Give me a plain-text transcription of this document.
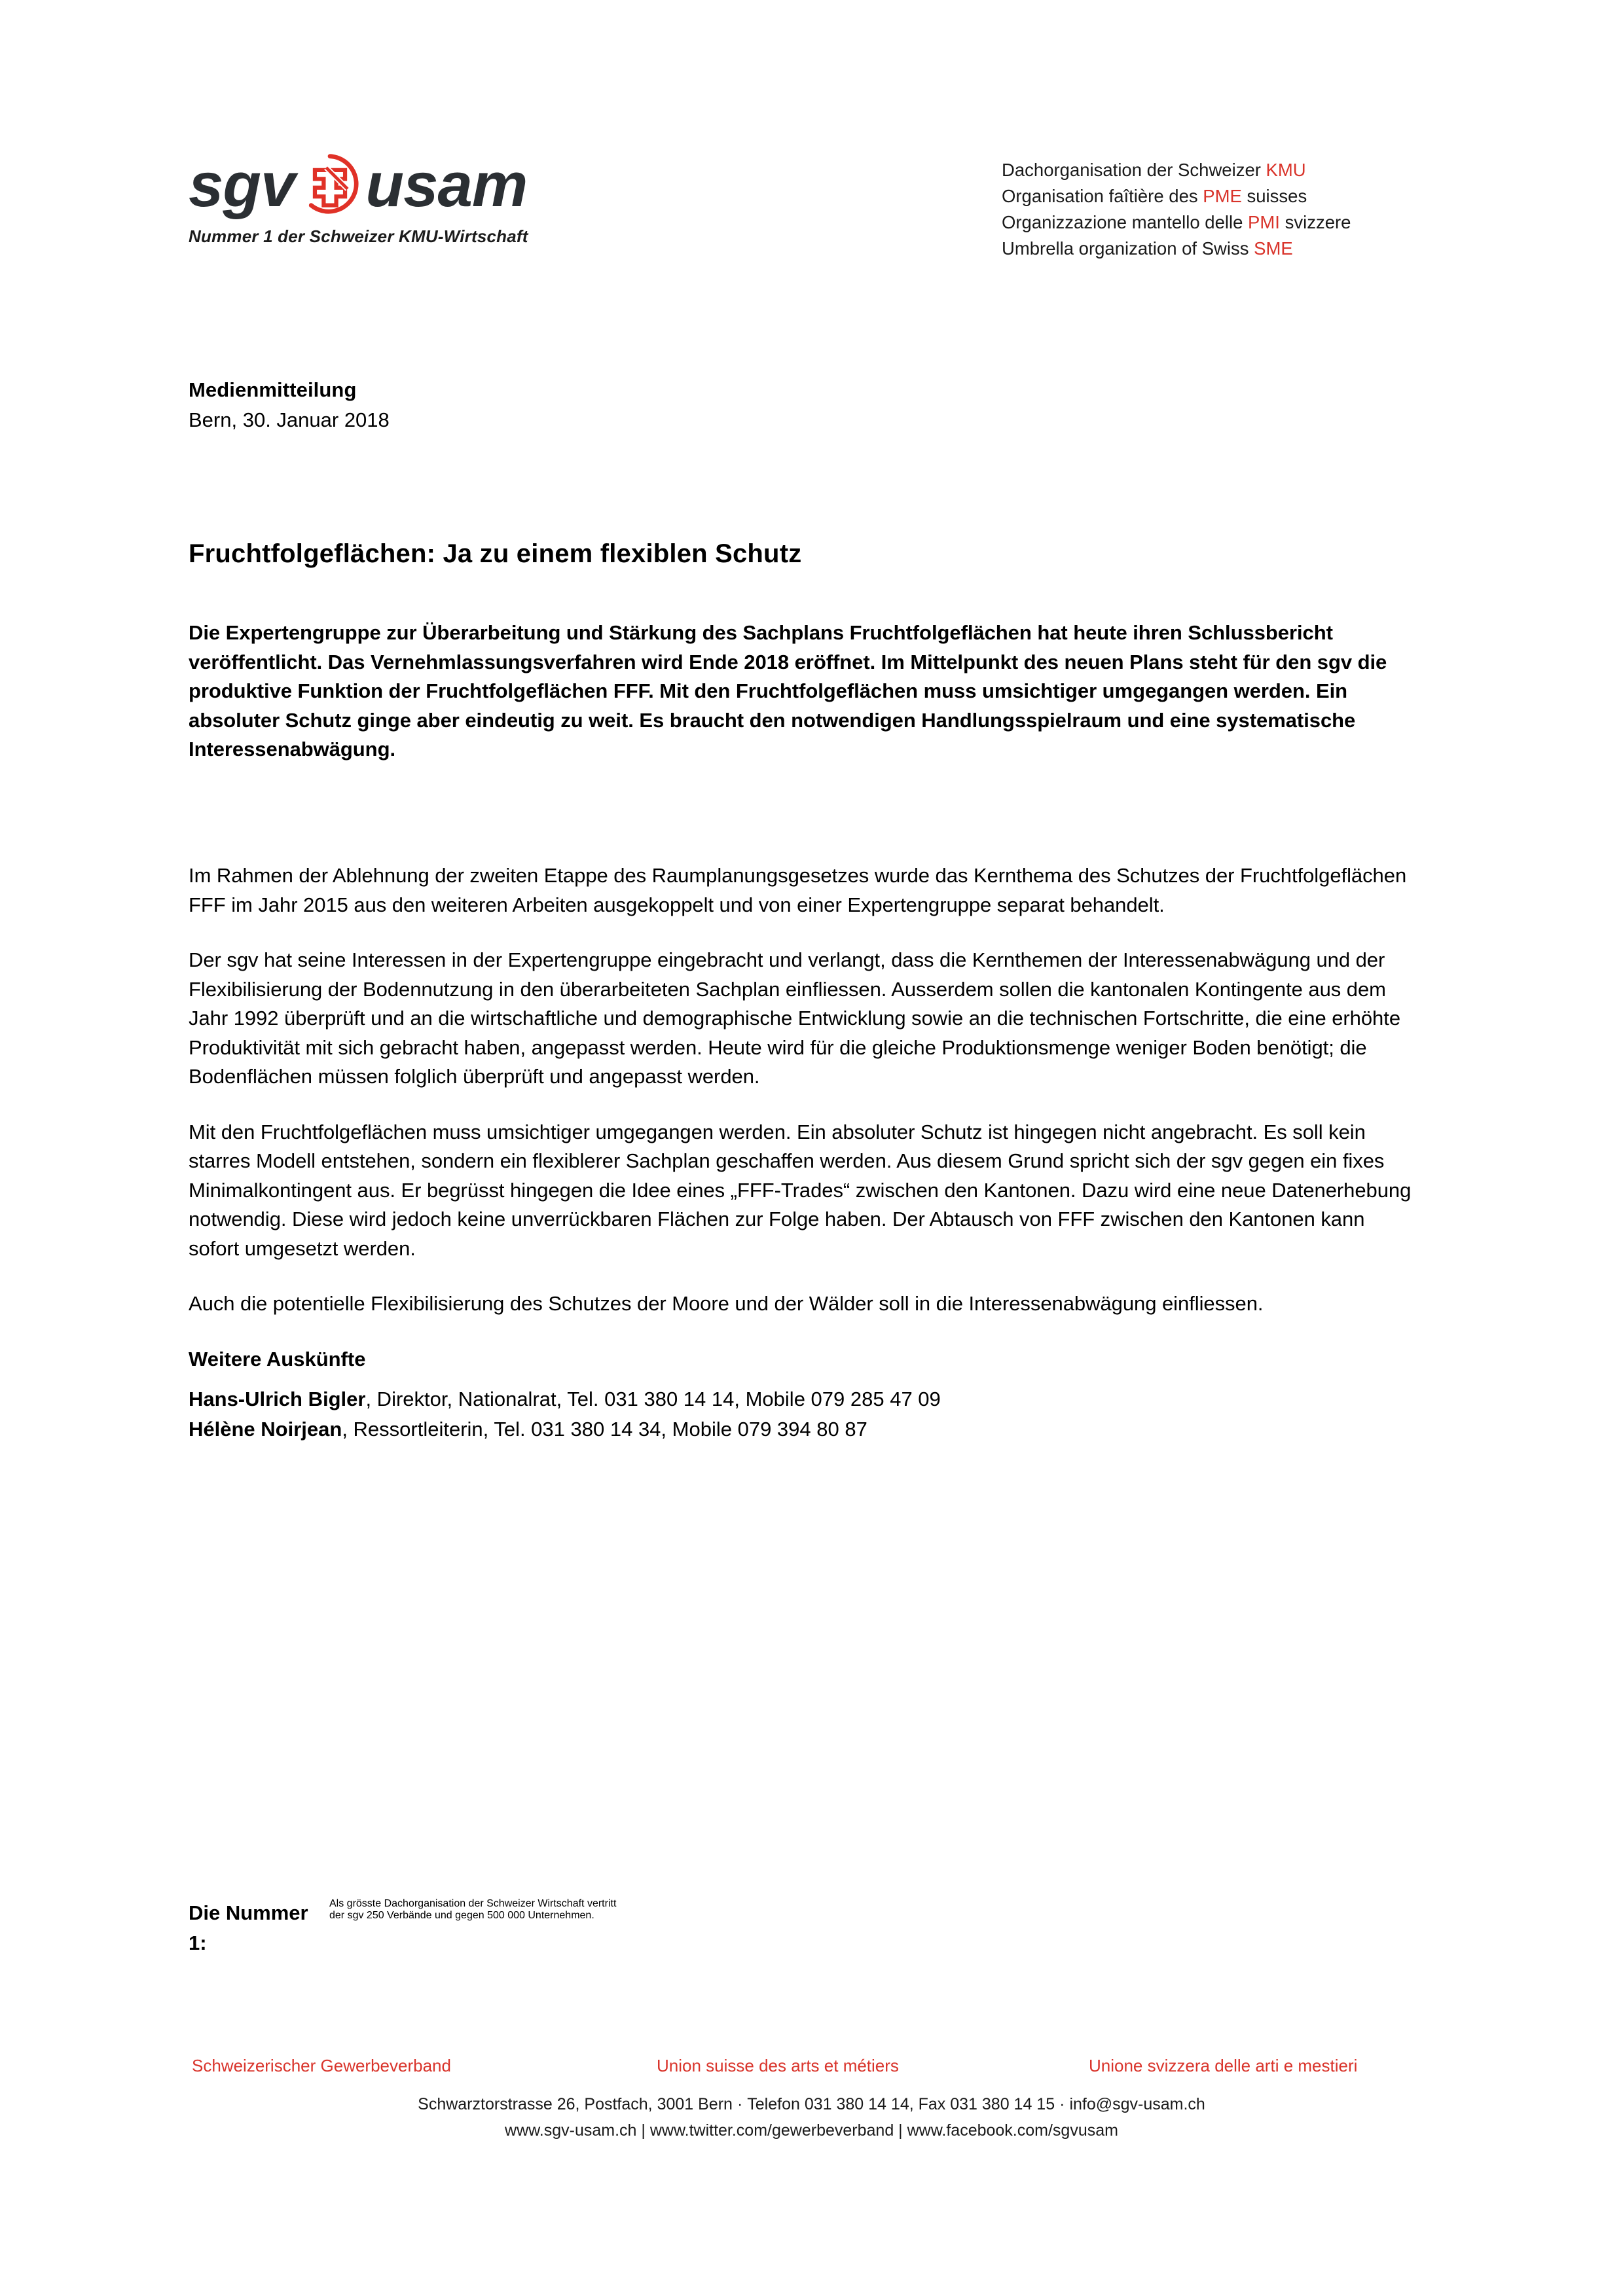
sgv usam
Nummer 1 der Schweizer KMU-Wirtschaft
Dachorganisation der Schweizer KMU
Organisation faîtière des PME suisses
Organizzazione mantello delle PMI svizzere
Umbrella organization of Swiss SME
Medienmitteilung
Bern, 30. Januar 2018
Fruchtfolgeflächen: Ja zu einem flexiblen Schutz
Die Expertengruppe zur Überarbeitung und Stärkung des Sachplans Fruchtfolgeflächen hat heute ihren Schlussbericht veröffentlicht. Das Vernehmlassungsverfahren wird Ende 2018 eröffnet. Im Mittelpunkt des neuen Plans steht für den sgv die produktive Funktion der Fruchtfolgeflächen FFF. Mit den Fruchtfolgeflächen muss umsichtiger umgegangen werden. Ein absoluter Schutz ginge aber eindeutig zu weit. Es braucht den notwendigen Handlungsspielraum und eine systematische Interessenabwägung.

Im Rahmen der Ablehnung der zweiten Etappe des Raumplanungsgesetzes wurde das Kernthema des Schutzes der Fruchtfolgeflächen FFF im Jahr 2015 aus den weiteren Arbeiten ausgekoppelt und von einer Expertengruppe separat behandelt.

Der sgv hat seine Interessen in der Expertengruppe eingebracht und verlangt, dass die Kernthemen der Interessenabwägung und der Flexibilisierung der Bodennutzung in den überarbeiteten Sachplan einfliessen. Ausserdem sollen die kantonalen Kontingente aus dem Jahr 1992 überprüft und an die wirtschaftliche und demographische Entwicklung sowie an die technischen Fortschritte, die eine erhöhte Produktivität mit sich gebracht haben, angepasst werden. Heute wird für die gleiche Produktionsmenge weniger Boden benötigt; die Bodenflächen müssen folglich überprüft und angepasst werden.

Mit den Fruchtfolgeflächen muss umsichtiger umgegangen werden. Ein absoluter Schutz ist hingegen nicht angebracht. Es soll kein starres Modell entstehen, sondern ein flexiblerer Sachplan geschaffen werden. Aus diesem Grund spricht sich der sgv gegen ein fixes Minimalkontingent aus. Er begrüsst hingegen die Idee eines „FFF-Trades“ zwischen den Kantonen. Dazu wird eine neue Datenerhebung notwendig. Diese wird jedoch keine unverrückbaren Flächen zur Folge haben. Der Abtausch von FFF zwischen den Kantonen kann sofort umgesetzt werden.

Auch die potentielle Flexibilisierung des Schutzes der Moore und der Wälder soll in die Interessenabwägung einfliessen.

Weitere Auskünfte
Hans-Ulrich Bigler, Direktor, Nationalrat, Tel. 031 380 14 14, Mobile 079 285 47 09
Hélène Noirjean, Ressortleiterin, Tel. 031 380 14 34, Mobile 079 394 80 87
Die Nummer 1:
Als grösste Dachorganisation der Schweizer Wirtschaft vertritt
der sgv 250 Verbände und gegen 500 000 Unternehmen.
Schweizerischer Gewerbeverband	Union suisse des arts et métiers	Unione svizzera delle arti e mestieri
Schwarztorstrasse 26, Postfach, 3001 Bern · Telefon 031 380 14 14, Fax 031 380 14 15 · info@sgv-usam.ch
www.sgv-usam.ch | www.twitter.com/gewerbeverband | www.facebook.com/sgvusam
